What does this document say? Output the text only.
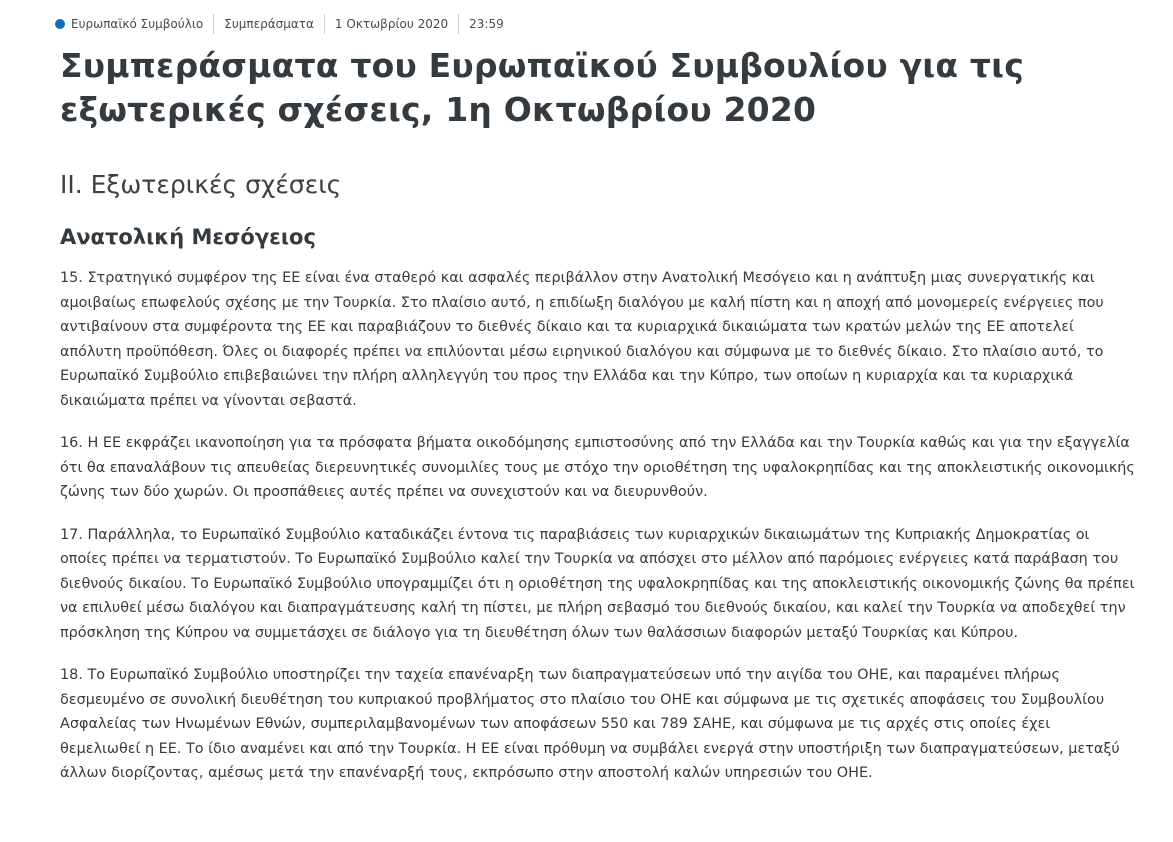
Ευρωπαϊκό Συμβούλιο Συμπεράσματα 1 Οκτωβρίου 2020 23:59
Συμπεράσματα του Ευρωπαϊκού Συμβουλίου για τις εξωτερικές σχέσεις, 1η Οκτωβρίου 2020
II. Εξωτερικές σχέσεις
Ανατολική Μεσόγειος

15. Στρατηγικό συμφέρον της ΕΕ είναι ένα σταθερό και ασφαλές περιβάλλον στην Ανατολική Μεσόγειο και η ανάπτυξη μιας συνεργατικής και αμοιβαίως επωφελούς σχέσης με την Τουρκία. Στο πλαίσιο αυτό, η επιδίωξη διαλόγου με καλή πίστη και η αποχή από μονομερείς ενέργειες που αντιβαίνουν στα συμφέροντα της ΕΕ και παραβιάζουν το διεθνές δίκαιο και τα κυριαρχικά δικαιώματα των κρατών μελών της ΕΕ αποτελεί απόλυτη προϋπόθεση. Όλες οι διαφορές πρέπει να επιλύονται μέσω ειρηνικού διαλόγου και σύμφωνα με το διεθνές δίκαιο. Στο πλαίσιο αυτό, το Ευρωπαϊκό Συμβούλιο επιβεβαιώνει την πλήρη αλληλεγγύη του προς την Ελλάδα και την Κύπρο, των οποίων η κυριαρχία και τα κυριαρχικά δικαιώματα πρέπει να γίνονται σεβαστά.

16. Η ΕΕ εκφράζει ικανοποίηση για τα πρόσφατα βήματα οικοδόμησης εμπιστοσύνης από την Ελλάδα και την Τουρκία καθώς και για την εξαγγελία ότι θα επαναλάβουν τις απευθείας διερευνητικές συνομιλίες τους με στόχο την οριοθέτηση της υφαλοκρηπίδας και της αποκλειστικής οικονομικής ζώνης των δύο χωρών. Οι προσπάθειες αυτές πρέπει να συνεχιστούν και να διευρυνθούν.

17. Παράλληλα, το Ευρωπαϊκό Συμβούλιο καταδικάζει έντονα τις παραβιάσεις των κυριαρχικών δικαιωμάτων της Κυπριακής Δημοκρατίας οι οποίες πρέπει να τερματιστούν. Το Ευρωπαϊκό Συμβούλιο καλεί την Τουρκία να απόσχει στο μέλλον από παρόμοιες ενέργειες κατά παράβαση του διεθνούς δικαίου. Το Ευρωπαϊκό Συμβούλιο υπογραμμίζει ότι η οριοθέτηση της υφαλοκρηπίδας και της αποκλειστικής οικονομικής ζώνης θα πρέπει να επιλυθεί μέσω διαλόγου και διαπραγμάτευσης καλή τη πίστει, με πλήρη σεβασμό του διεθνούς δικαίου, και καλεί την Τουρκία να αποδεχθεί την πρόσκληση της Κύπρου να συμμετάσχει σε διάλογο για τη διευθέτηση όλων των θαλάσσιων διαφορών μεταξύ Τουρκίας και Κύπρου.

18. Το Ευρωπαϊκό Συμβούλιο υποστηρίζει την ταχεία επανέναρξη των διαπραγματεύσεων υπό την αιγίδα του ΟΗΕ, και παραμένει πλήρως δεσμευμένο σε συνολική διευθέτηση του κυπριακού προβλήματος στο πλαίσιο του ΟΗΕ και σύμφωνα με τις σχετικές αποφάσεις του Συμβουλίου Ασφαλείας των Ηνωμένων Εθνών, συμπεριλαμβανομένων των αποφάσεων 550 και 789 ΣΑΗΕ, και σύμφωνα με τις αρχές στις οποίες έχει θεμελιωθεί η ΕΕ. Το ίδιο αναμένει και από την Τουρκία. Η ΕΕ είναι πρόθυμη να συμβάλει ενεργά στην υποστήριξη των διαπραγματεύσεων, μεταξύ άλλων διορίζοντας, αμέσως μετά την επανέναρξή τους, εκπρόσωπο στην αποστολή καλών υπηρεσιών του ΟΗΕ.
